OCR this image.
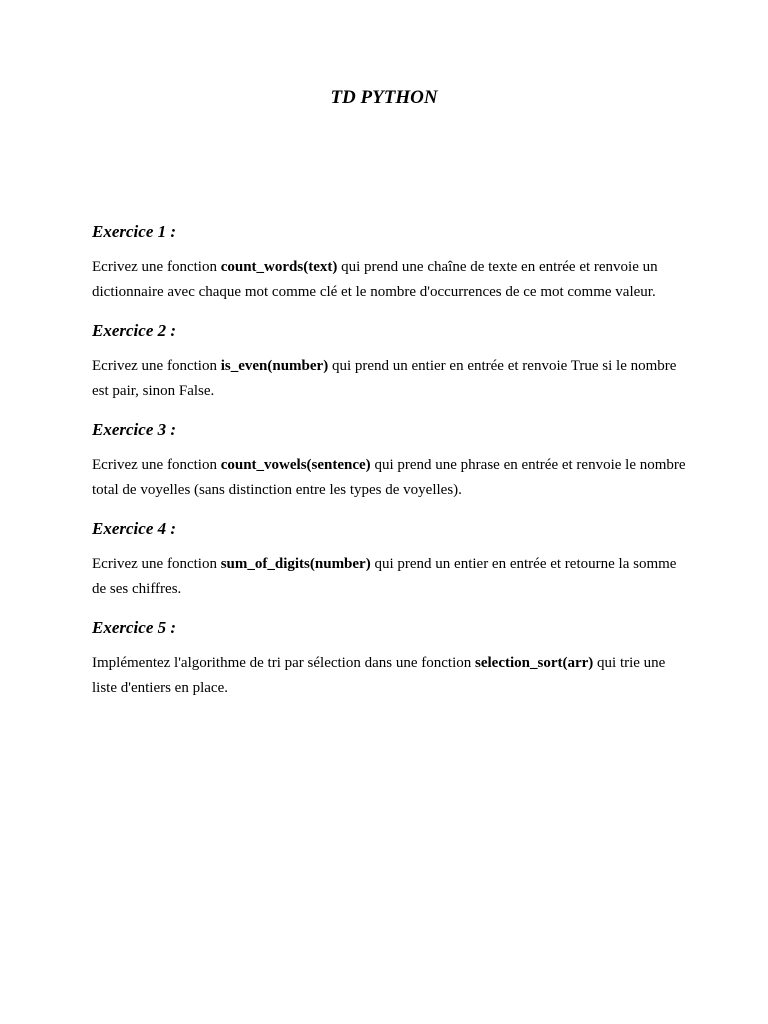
TD PYTHON
Exercice 1 :

Ecrivez une fonction count_words(text) qui prend une chaîne de texte en entrée et renvoie un dictionnaire avec chaque mot comme clé et le nombre d'occurrences de ce mot comme valeur.

Exercice 2 :

Ecrivez une fonction is_even(number) qui prend un entier en entrée et renvoie True si le nombre est pair, sinon False.

Exercice 3 :

Ecrivez une fonction count_vowels(sentence) qui prend une phrase en entrée et renvoie le nombre total de voyelles (sans distinction entre les types de voyelles).

Exercice 4 :

Ecrivez une fonction sum_of_digits(number) qui prend un entier en entrée et retourne la somme de ses chiffres.

Exercice 5 :

Implémentez l'algorithme de tri par sélection dans une fonction selection_sort(arr) qui trie une liste d'entiers en place.
